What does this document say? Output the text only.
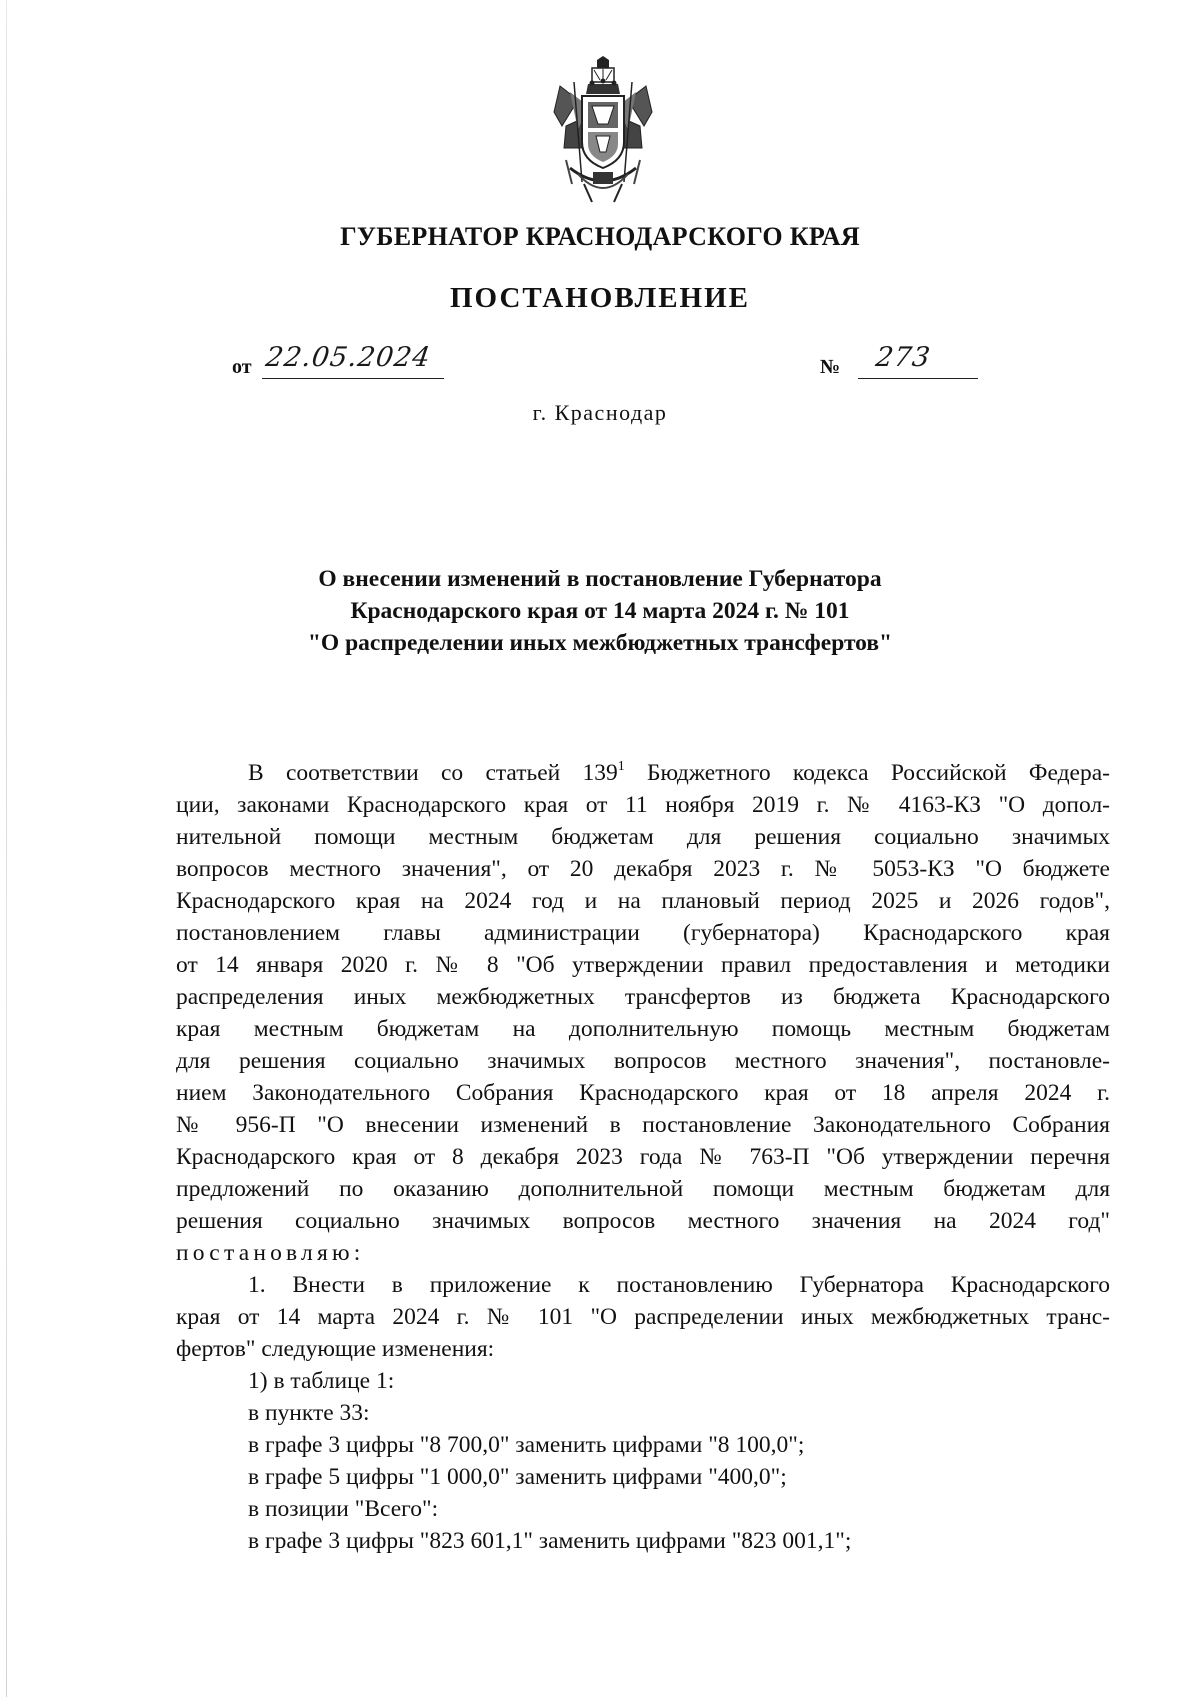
ГУБЕРНАТОР КРАСНОДАРСКОГО КРАЯ
ПОСТАНОВЛЕНИЕ
от 22.05.2024	№ 273
г. Краснодар
О внесении изменений в постановление Губернатора
Краснодарского края от 14 марта 2024 г. № 101
"О распределении иных межбюджетных трансфертов"
В соответствии со статьей $139^1$ Бюджетного кодекса Российской Федера-
ции, законами Краснодарского края от 11 ноября 2019 г. № 4163-КЗ "О допол-
нительной помощи местным бюджетам для решения социально значимых
вопросов местного значения", от 20 декабря 2023 г. № 5053-КЗ "О бюджете
Краснодарского края на 2024 год и на плановый период 2025 и 2026 годов",
постановлением главы администрации (губернатора) Краснодарского края
от 14 января 2020 г. № 8 "Об утверждении правил предоставления и методики
распределения иных межбюджетных трансфертов из бюджета Краснодарского
края местным бюджетам на дополнительную помощь местным бюджетам
для решения социально значимых вопросов местного значения", постановле-
нием Законодательного Собрания Краснодарского края от 18 апреля 2024 г.
№ 956-П "О внесении изменений в постановление Законодательного Собрания
Краснодарского края от 8 декабря 2023 года № 763-П "Об утверждении перечня
предложений по оказанию дополнительной помощи местным бюджетам для
решения социально значимых вопросов местного значения на 2024 год"
постановляю:
1. Внести в приложение к постановлению Губернатора Краснодарского
края от 14 марта 2024 г. № 101 "О распределении иных межбюджетных транс-
фертов" следующие изменения:
1) в таблице 1:
в пункте 33:
в графе 3 цифры "8 700,0" заменить цифрами "8 100,0";
в графе 5 цифры "1 000,0" заменить цифрами "400,0";
в позиции "Всего":
в графе 3 цифры "823 601,1" заменить цифрами "823 001,1";
